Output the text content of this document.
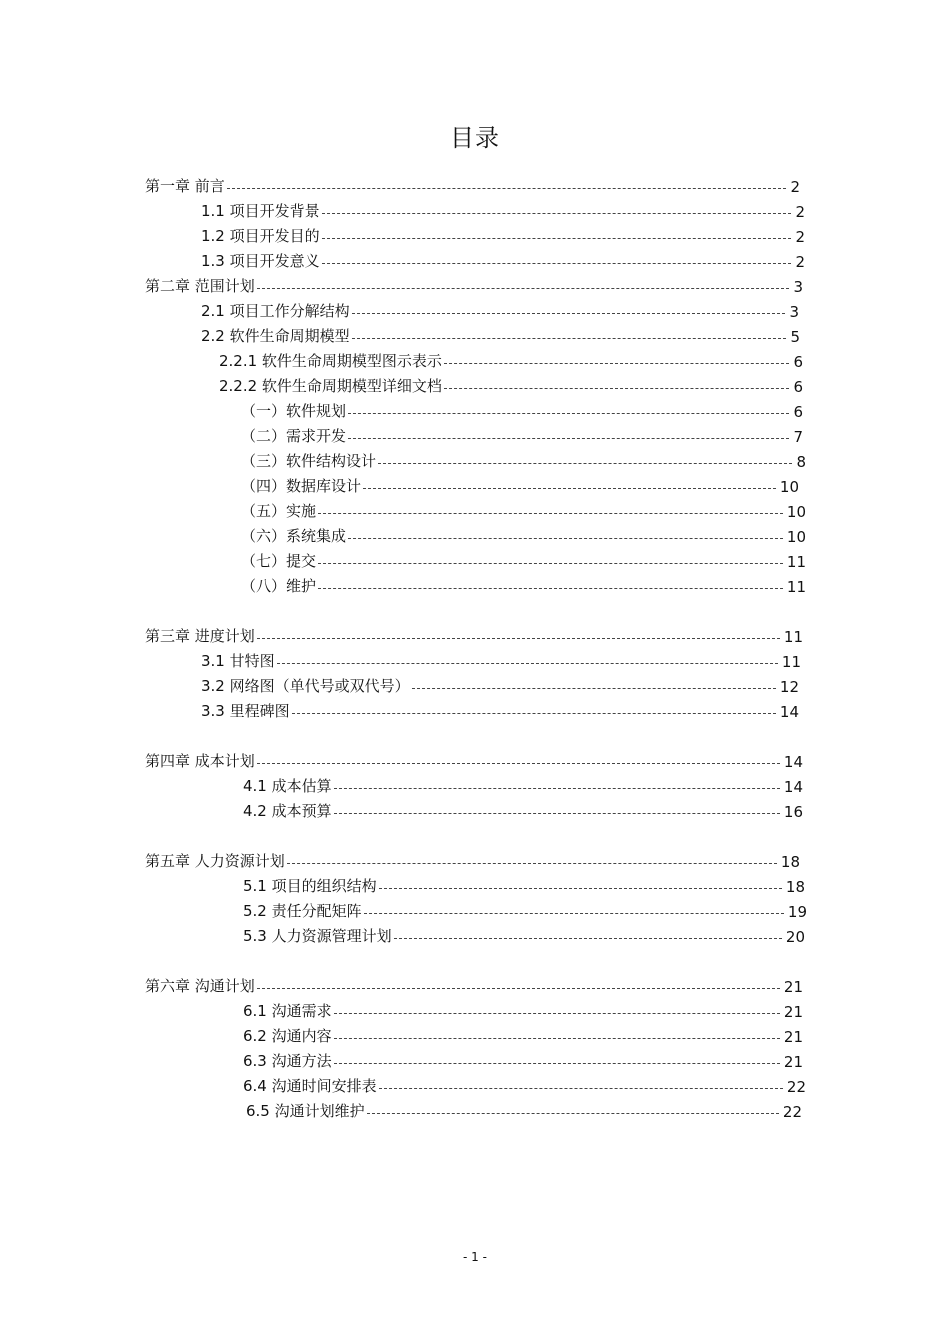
目录
第一章 前言	2
1.1 项目开发背景	2
1.2 项目开发目的	2
1.3 项目开发意义	2
第二章 范围计划	3
2.1 项目工作分解结构	3
2.2 软件生命周期模型	5
2.2.1 软件生命周期模型图示表示	6
2.2.2 软件生命周期模型详细文档	6
（一）软件规划	6
（二）需求开发	7
（三）软件结构设计	8
（四）数据库设计	10
（五）实施	10
（六）系统集成	10
（七）提交	11
（八）维护	11
第三章 进度计划	11
3.1 甘特图	11
3.2 网络图（单代号或双代号）	12
3.3 里程碑图	14
第四章 成本计划	14
4.1 成本估算	14
4.2 成本预算	16
第五章 人力资源计划	18
5.1 项目的组织结构	18
5.2 责任分配矩阵	19
5.3 人力资源管理计划	20
第六章 沟通计划	21
6.1 沟通需求	21
6.2 沟通内容	21
6.3 沟通方法	21
6.4 沟通时间安排表	22
6.5 沟通计划维护	22
- 1 -
